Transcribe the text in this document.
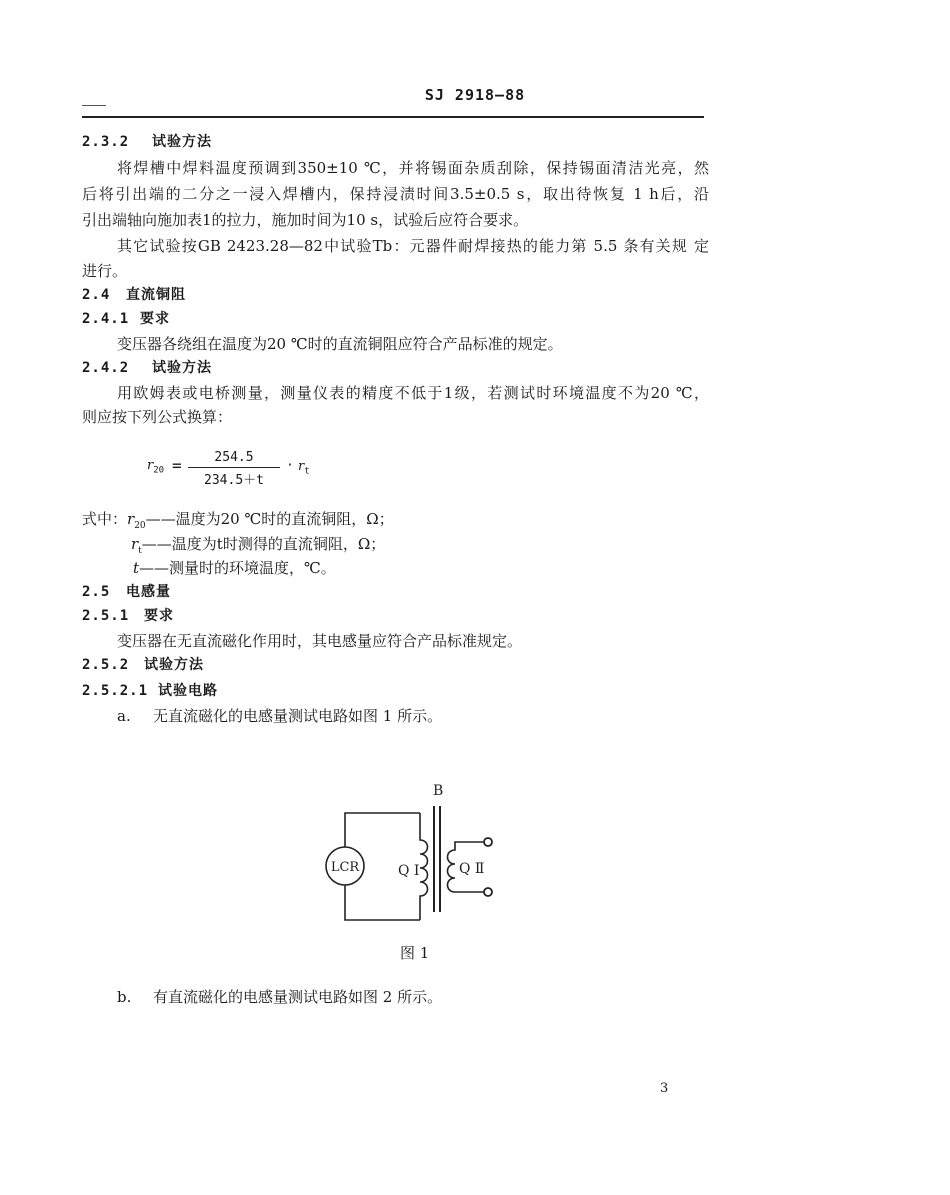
SJ 2918—88
2.3.2 试验方法
将焊槽中焊料温度预调到350±10 ℃，并将锡面杂质刮除，保持锡面清洁光亮，然
后将引出端的二分之一浸入焊槽内，保持浸渍时间3.5±0.5 s，取出待恢复 1 h后，沿
引出端轴向施加表1的拉力，施加时间为10 s，试验后应符合要求。
其它试验按GB 2423.28—82中试验Tb：元器件耐焊接热的能力第 5.5 条有关规 定
进行。
2.4 直流铜阻
2.4.1 要求
变压器各绕组在温度为20 ℃时的直流铜阻应符合产品标准的规定。
2.4.2 试验方法
用欧姆表或电桥测量，测量仪表的精度不低于1级，若测试时环境温度不为20 ℃，
则应按下列公式换算：
$r_{20}$ =	254.5
234.5＋t
· $r_t$
式中：$r_{20}——$温度为20 ℃时的直流铜阻，Ω；
$r_t——$温度为t时测得的直流铜阻，Ω；
t——测量时的环境温度，℃。
2.5 电感量
2.5.1 要求
变压器在无直流磁化作用时，其电感量应符合产品标准规定。
2.5.2 试验方法
2.5.2.1 试验电路
a. 无直流磁化的电感量测试电路如图 1 所示。
B
LCR	Q Ⅰ	Q Ⅱ
图 1
b. 有直流磁化的电感量测试电路如图 2 所示。
3
